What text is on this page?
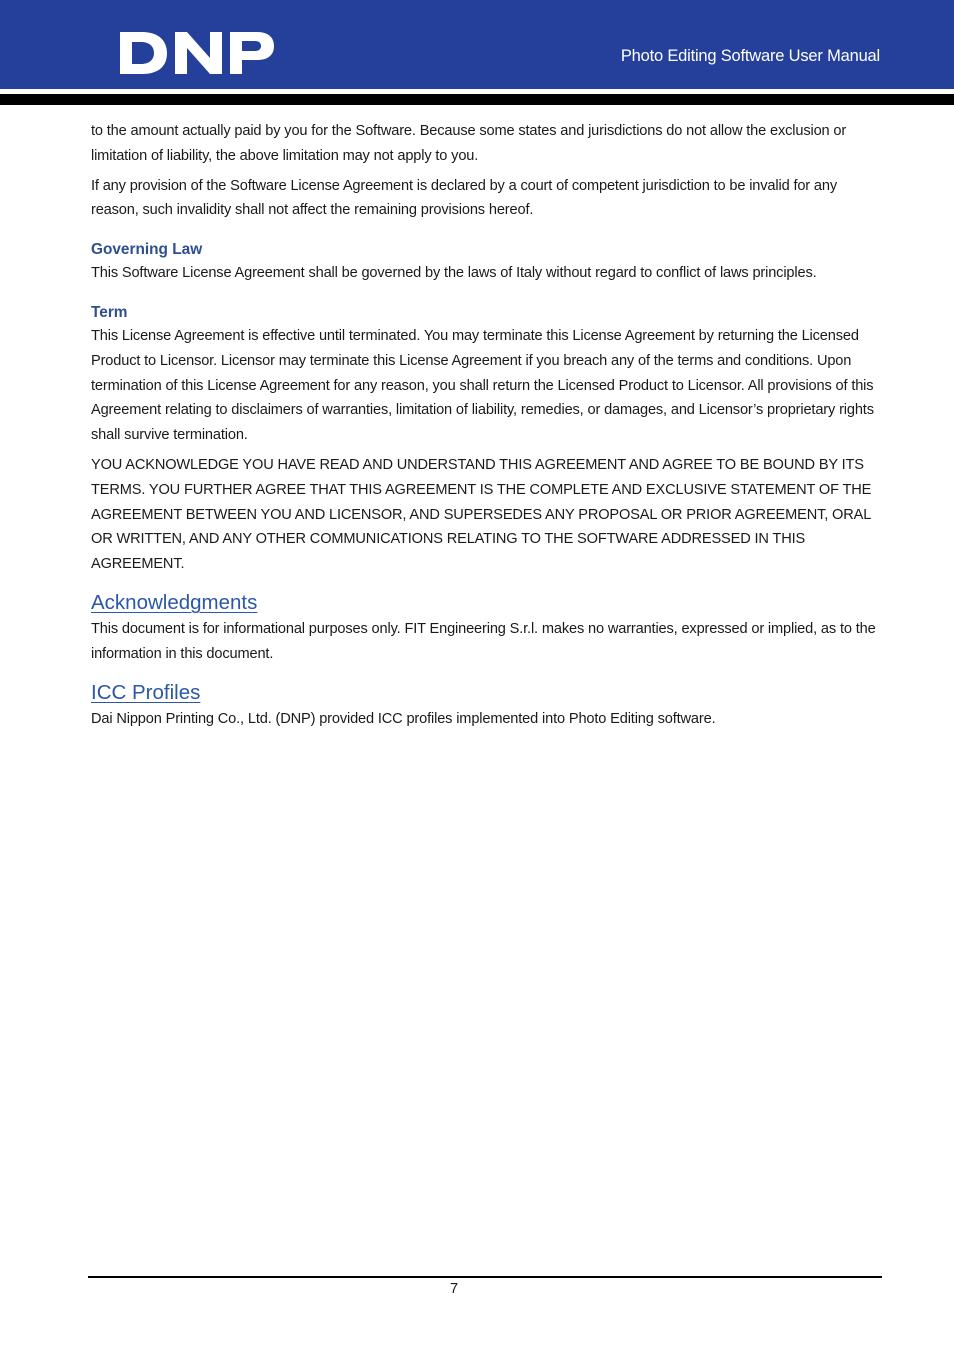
Photo Editing Software User Manual

to the amount actually paid by you for the Software. Because some states and jurisdictions do not allow the exclusion or limitation of liability, the above limitation may not apply to you.

If any provision of the Software License Agreement is declared by a court of competent jurisdiction to be invalid for any reason, such invalidity shall not affect the remaining provisions hereof.

Governing Law

This Software License Agreement shall be governed by the laws of Italy without regard to conflict of laws principles.

Term

This License Agreement is effective until terminated. You may terminate this License Agreement by returning the Licensed Product to Licensor. Licensor may terminate this License Agreement if you breach any of the terms and conditions. Upon termination of this License Agreement for any reason, you shall return the Licensed Product to Licensor. All provisions of this Agreement relating to disclaimers of warranties, limitation of liability, remedies, or damages, and Licensor’s proprietary rights shall survive termination.

YOU ACKNOWLEDGE YOU HAVE READ AND UNDERSTAND THIS AGREEMENT AND AGREE TO BE BOUND BY ITS TERMS. YOU FURTHER AGREE THAT THIS AGREEMENT IS THE COMPLETE AND EXCLUSIVE STATEMENT OF THE AGREEMENT BETWEEN YOU AND LICENSOR, AND SUPERSEDES ANY PROPOSAL OR PRIOR AGREEMENT, ORAL OR WRITTEN, AND ANY OTHER COMMUNICATIONS RELATING TO THE SOFTWARE ADDRESSED IN THIS AGREEMENT.

Acknowledgments

This document is for informational purposes only. FIT Engineering S.r.l. makes no warranties, expressed or implied, as to the information in this document.

ICC Profiles

Dai Nippon Printing Co., Ltd. (DNP) provided ICC profiles implemented into Photo Editing software.

7
